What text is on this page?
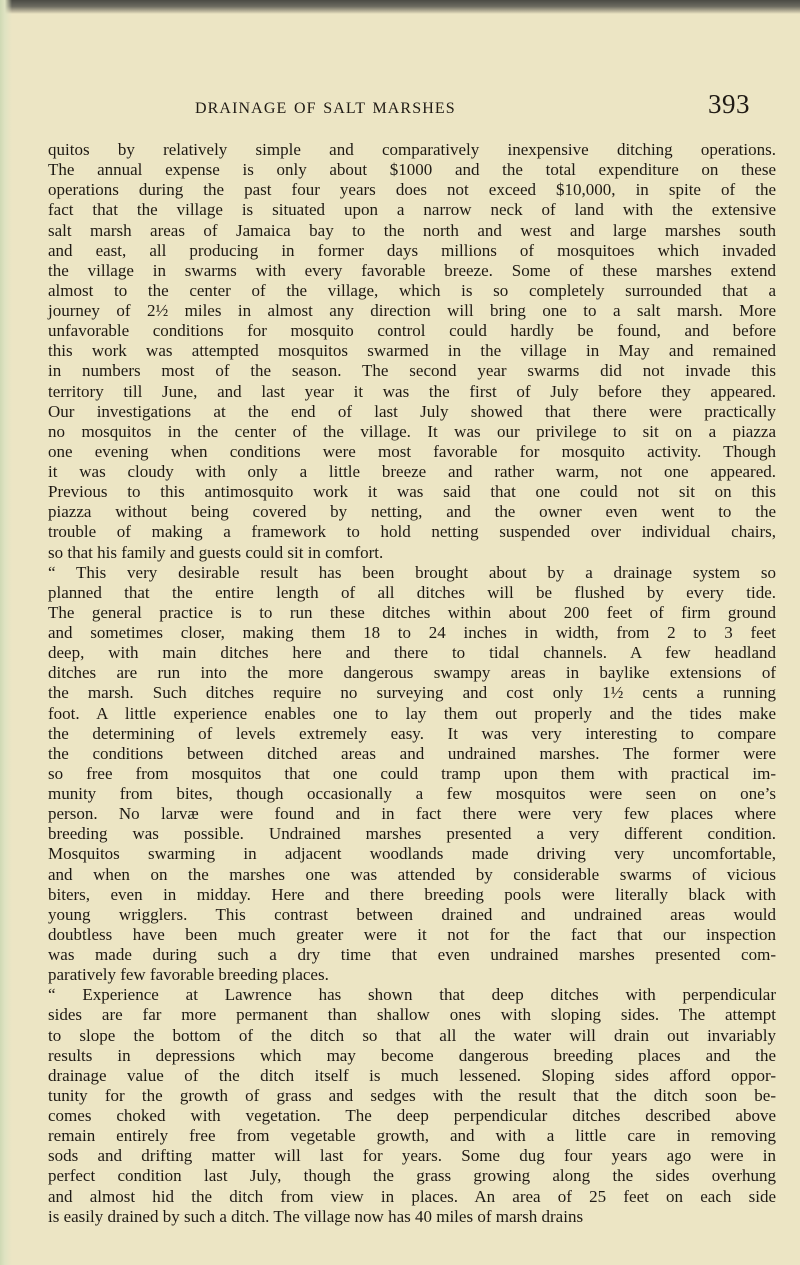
DRAINAGE OF SALT MARSHES	393
quitos by relatively simple and comparatively inexpensive ditching operations.
The annual expense is only about $1000 and the total expenditure on these
operations during the past four years does not exceed $10,000, in spite of the
fact that the village is situated upon a narrow neck of land with the extensive
salt marsh areas of Jamaica bay to the north and west and large marshes south
and east, all producing in former days millions of mosquitoes which invaded
the village in swarms with every favorable breeze. Some of these marshes extend
almost to the center of the village, which is so completely surrounded that a
journey of 2½ miles in almost any direction will bring one to a salt marsh. More
unfavorable conditions for mosquito control could hardly be found, and before
this work was attempted mosquitos swarmed in the village in May and remained
in numbers most of the season. The second year swarms did not invade this
territory till June, and last year it was the first of July before they appeared.
Our investigations at the end of last July showed that there were practically
no mosquitos in the center of the village. It was our privilege to sit on a piazza
one evening when conditions were most favorable for mosquito activity. Though
it was cloudy with only a little breeze and rather warm, not one appeared.
Previous to this antimosquito work it was said that one could not sit on this
piazza without being covered by netting, and the owner even went to the
trouble of making a framework to hold netting suspended over individual chairs,
so that his family and guests could sit in comfort.
“ This very desirable result has been brought about by a drainage system so
planned that the entire length of all ditches will be flushed by every tide.
The general practice is to run these ditches within about 200 feet of firm ground
and sometimes closer, making them 18 to 24 inches in width, from 2 to 3 feet
deep, with main ditches here and there to tidal channels. A few headland
ditches are run into the more dangerous swampy areas in baylike extensions of
the marsh. Such ditches require no surveying and cost only 1½ cents a running
foot. A little experience enables one to lay them out properly and the tides make
the determining of levels extremely easy. It was very interesting to compare
the conditions between ditched areas and undrained marshes. The former were
so free from mosquitos that one could tramp upon them with practical im-
munity from bites, though occasionally a few mosquitos were seen on one’s
person. No larvæ were found and in fact there were very few places where
breeding was possible. Undrained marshes presented a very different condition.
Mosquitos swarming in adjacent woodlands made driving very uncomfortable,
and when on the marshes one was attended by considerable swarms of vicious
biters, even in midday. Here and there breeding pools were literally black with
young wrigglers. This contrast between drained and undrained areas would
doubtless have been much greater were it not for the fact that our inspection
was made during such a dry time that even undrained marshes presented com-
paratively few favorable breeding places.
“ Experience at Lawrence has shown that deep ditches with perpendicular
sides are far more permanent than shallow ones with sloping sides. The attempt
to slope the bottom of the ditch so that all the water will drain out invariably
results in depressions which may become dangerous breeding places and the
drainage value of the ditch itself is much lessened. Sloping sides afford oppor-
tunity for the growth of grass and sedges with the result that the ditch soon be-
comes choked with vegetation. The deep perpendicular ditches described above
remain entirely free from vegetable growth, and with a little care in removing
sods and drifting matter will last for years. Some dug four years ago were in
perfect condition last July, though the grass growing along the sides overhung
and almost hid the ditch from view in places. An area of 25 feet on each side
is easily drained by such a ditch. The village now has 40 miles of marsh drains
